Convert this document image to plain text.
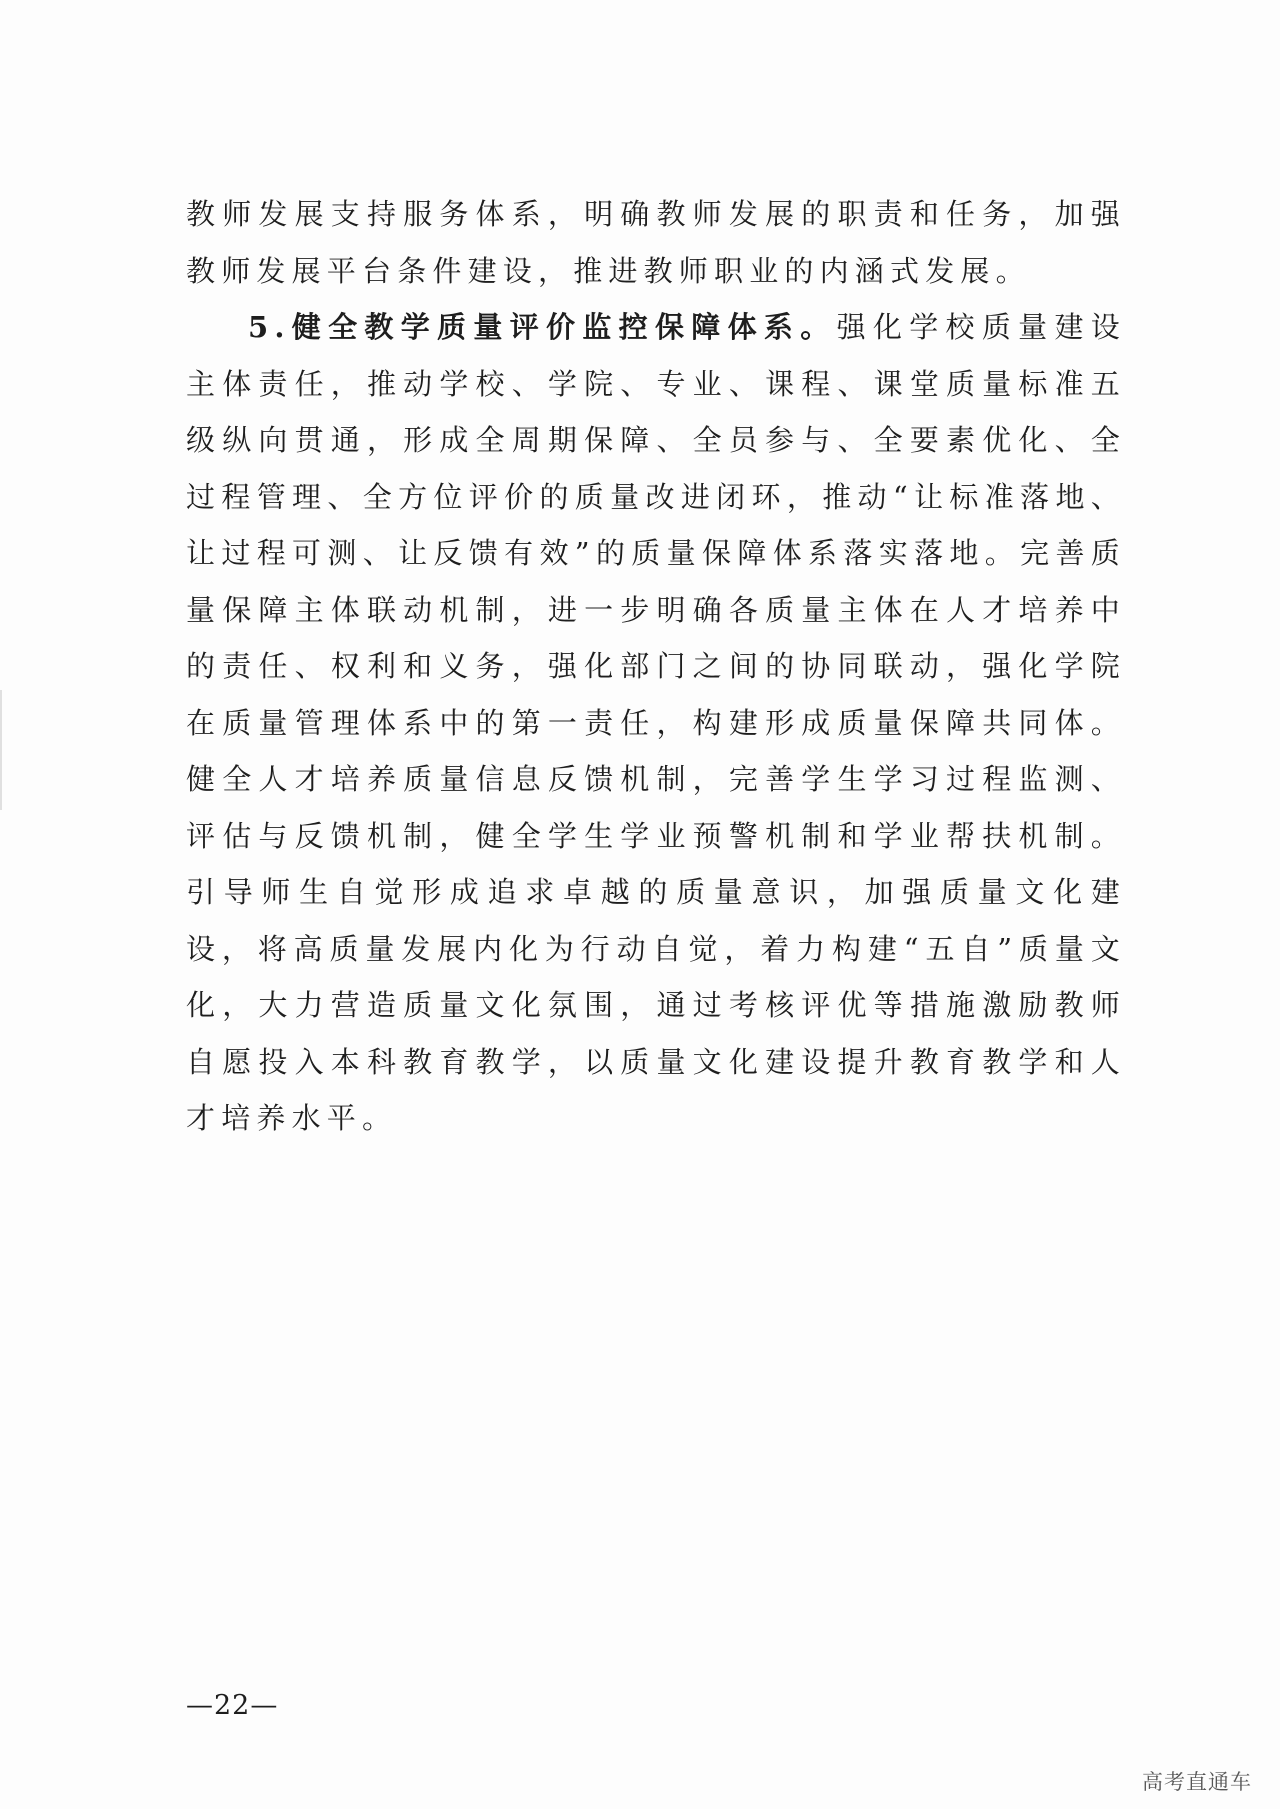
教师发展支持服务体系，明确教师发展的职责和任务，加强教师发展平台条件建设，推进教师职业的内涵式发展。

5.健全教学质量评价监控保障体系。强化学校质量建设主体责任，推动学校、学院、专业、课程、课堂质量标准五级纵向贯通，形成全周期保障、全员参与、全要素优化、全过程管理、全方位评价的质量改进闭环，推动“让标准落地、让过程可测、让反馈有效”的质量保障体系落实落地。完善质量保障主体联动机制，进一步明确各质量主体在人才培养中的责任、权利和义务，强化部门之间的协同联动，强化学院在质量管理体系中的第一责任，构建形成质量保障共同体。健全人才培养质量信息反馈机制，完善学生学习过程监测、评估与反馈机制，健全学生学业预警机制和学业帮扶机制。引导师生自觉形成追求卓越的质量意识，加强质量文化建设，将高质量发展内化为行动自觉，着力构建“五自”质量文化，大力营造质量文化氛围，通过考核评优等措施激励教师自愿投入本科教育教学，以质量文化建设提升教育教学和人才培养水平。

—22—
高考直通车
